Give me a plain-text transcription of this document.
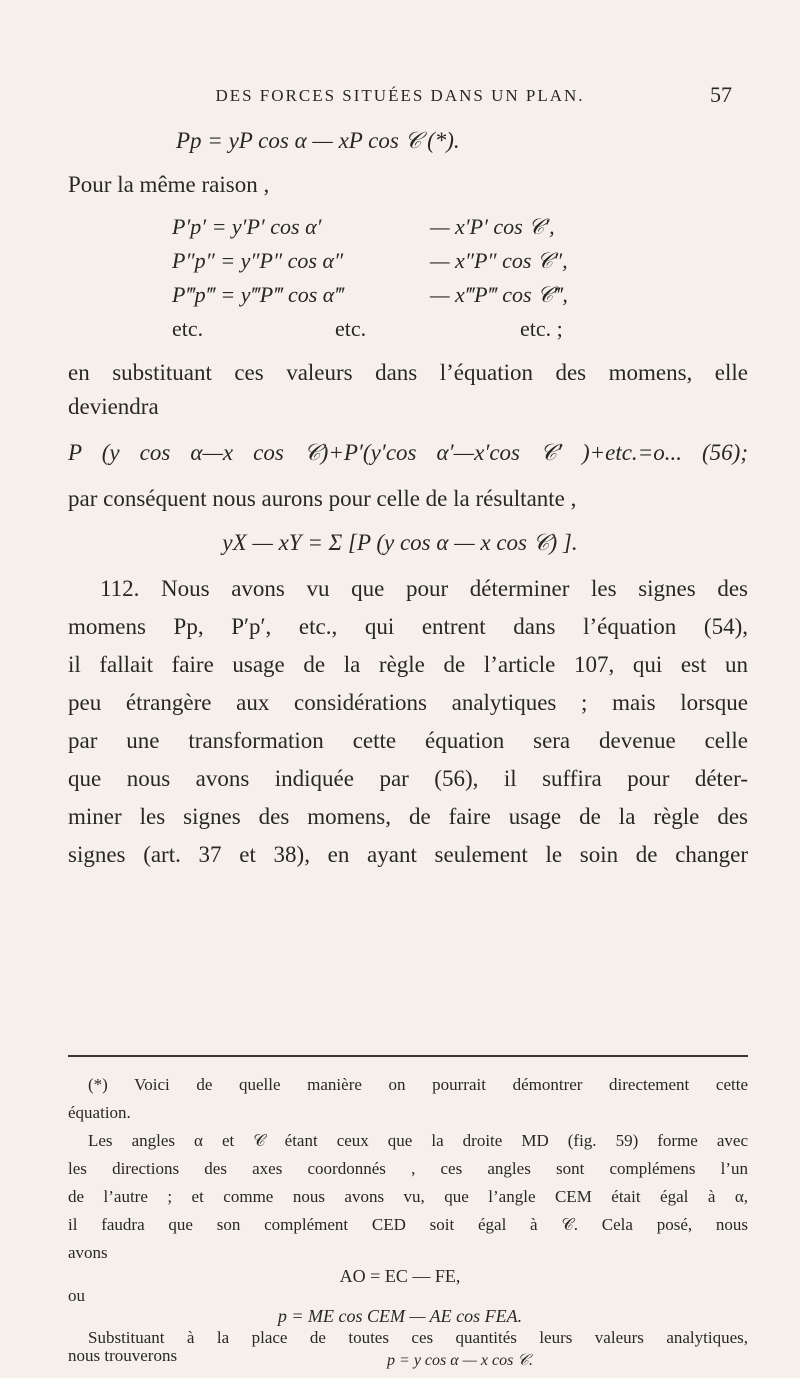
DES FORCES SITUÉES DANS UN PLAN.	57
Pp = yP cos α — xP cos 𝒞 (*).
Pour la même raison ,
P′p′ = y′P′ cos α′	— x′P′ cos 𝒞′,
P″p″ = y″P″ cos α″	— x″P″ cos 𝒞″,
P‴p‴ = y‴P‴ cos α‴	— x‴P‴ cos 𝒞‴,
etc.	etc.	etc. ;
en substituant ces valeurs dans l’équation des momens, elle
deviendra
P (y cos α—x cos 𝒞)+P′(y′cos α′—x′cos 𝒞′ )+etc.=o... (56);
par conséquent nous aurons pour celle de la résultante ,
yX — xY = Σ [P (y cos α — x cos 𝒞) ].
112. Nous avons vu que pour déterminer les signes des
momens Pp, P′p′, etc., qui entrent dans l’équation (54),
il fallait faire usage de la règle de l’article 107, qui est un
peu étrangère aux considérations analytiques ; mais lorsque
par une transformation cette équation sera devenue celle
que nous avons indiquée par (56), il suffira pour déter-
miner les signes des momens, de faire usage de la règle des
signes (art. 37 et 38), en ayant seulement le soin de changer
(*) Voici de quelle manière on pourrait démontrer directement cette
équation.
Les angles α et 𝒞 étant ceux que la droite MD (fig. 59) forme avec
les directions des axes coordonnés , ces angles sont complémens l’un
de l’autre ; et comme nous avons vu, que l’angle CEM était égal à α,
il faudra que son complément CED soit égal à 𝒞. Cela posé, nous
avons
AO = EC — FE,
ou
p = ME cos CEM — AE cos FEA.
Substituant à la place de toutes ces quantités leurs valeurs analytiques,
nous trouverons	p = y cos α — x cos 𝒞.
